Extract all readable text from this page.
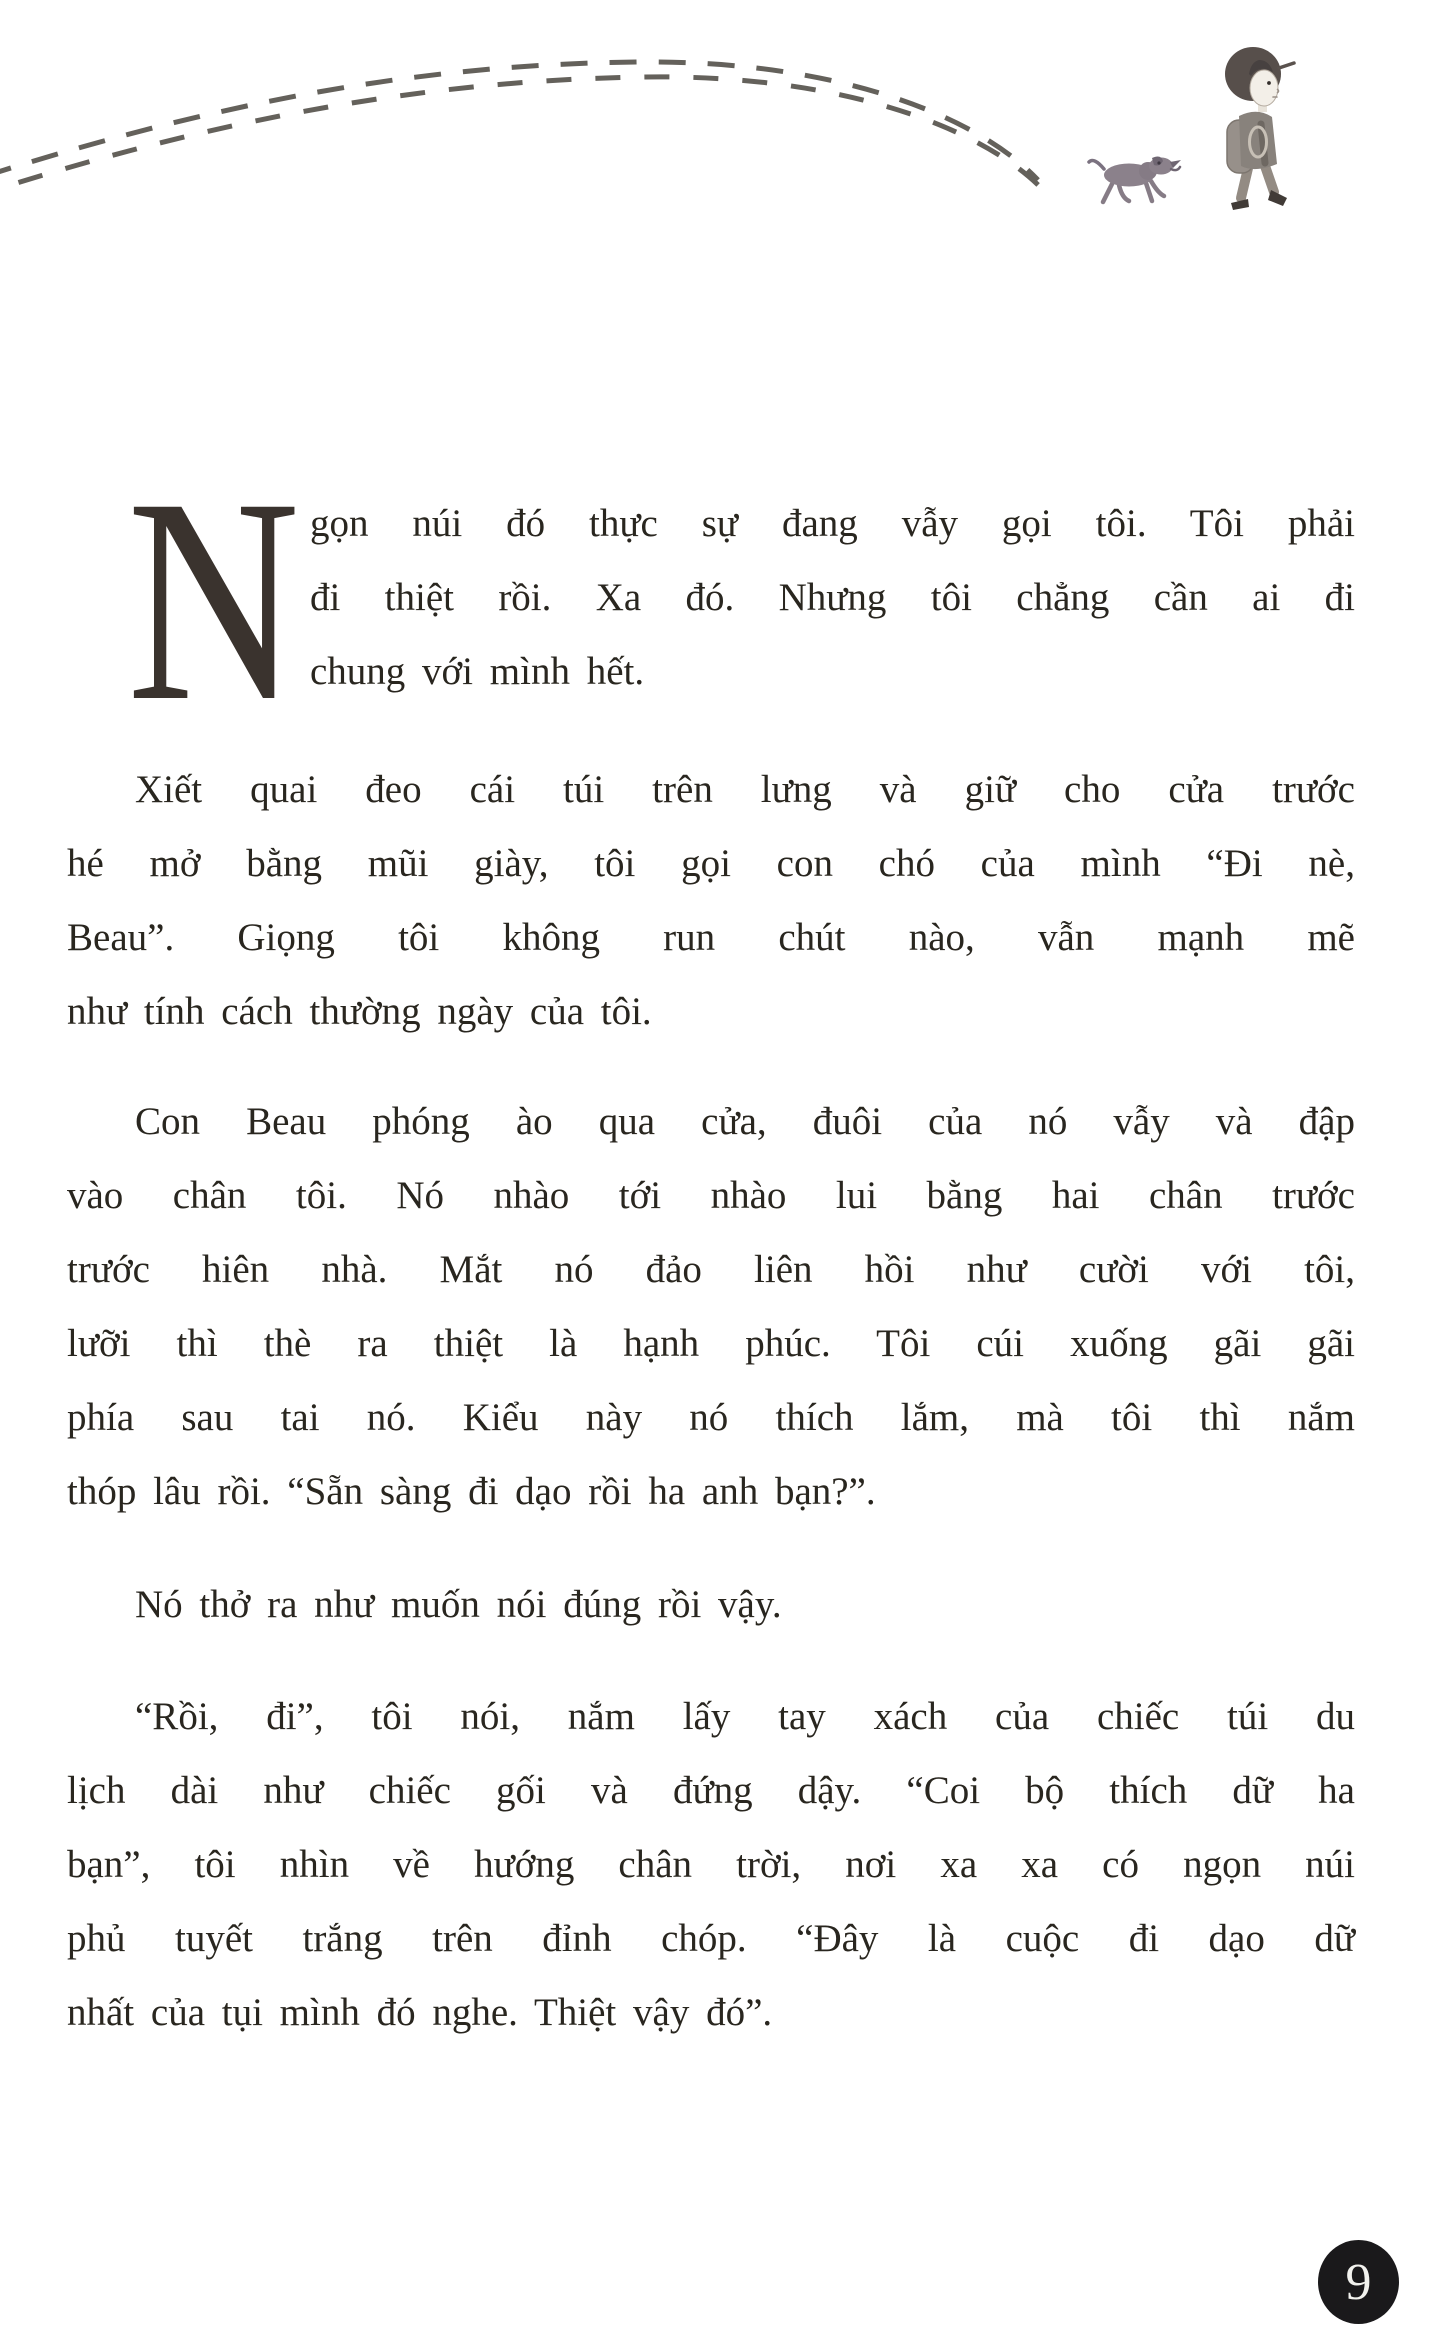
N gọn núi đó thực sự đang vẫy gọi tôi. Tôi phải
đi thiệt rồi. Xa đó. Nhưng tôi chẳng cần ai đi
chung với mình hết.
Xiết quai đeo cái túi trên lưng và giữ cho cửa trước
hé mở bằng mũi giày, tôi gọi con chó của mình “Đi nè,
Beau”. Giọng tôi không run chút nào, vẫn mạnh mẽ
như tính cách thường ngày của tôi.
Con Beau phóng ào qua cửa, đuôi của nó vẫy và đập
vào chân tôi. Nó nhào tới nhào lui bằng hai chân trước
trước hiên nhà. Mắt nó đảo liên hồi như cười với tôi,
lưỡi thì thè ra thiệt là hạnh phúc. Tôi cúi xuống gãi gãi
phía sau tai nó. Kiểu này nó thích lắm, mà tôi thì nắm
thóp lâu rồi. “Sẵn sàng đi dạo rồi ha anh bạn?”.
Nó thở ra như muốn nói đúng rồi vậy.
“Rồi, đi”, tôi nói, nắm lấy tay xách của chiếc túi du
lịch dài như chiếc gối và đứng dậy. “Coi bộ thích dữ ha
bạn”, tôi nhìn về hướng chân trời, nơi xa xa có ngọn núi
phủ tuyết trắng trên đỉnh chóp. “Đây là cuộc đi dạo dữ
nhất của tụi mình đó nghe. Thiệt vậy đó”.
9
